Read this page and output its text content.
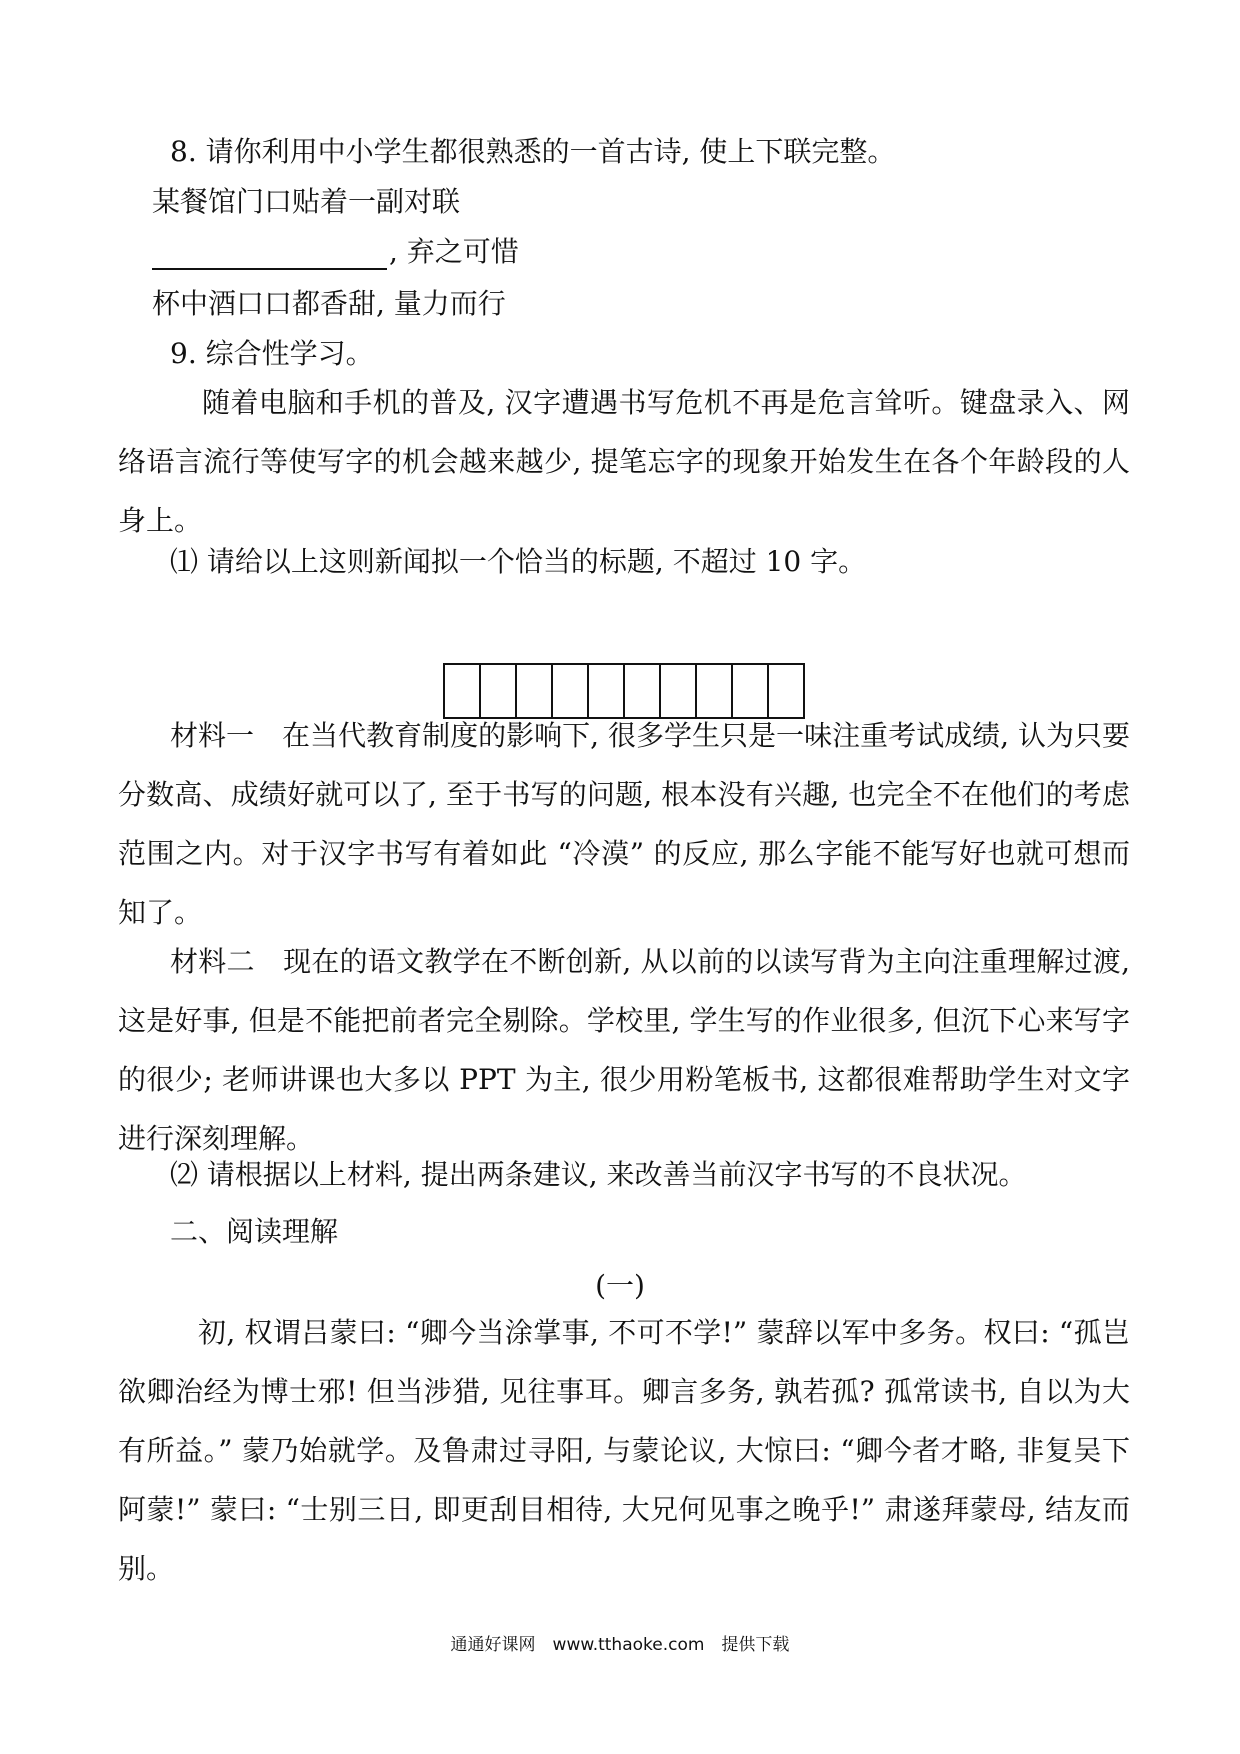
8. 请你利用中小学生都很熟悉的一首古诗, 使上下联完整。
某餐馆门口贴着一副对联
, 弃之可惜
杯中酒口口都香甜, 量力而行
9. 综合性学习。
随着电脑和手机的普及, 汉字遭遇书写危机不再是危言耸听。键盘录入、网络语言流行等使写字的机会越来越少, 提笔忘字的现象开始发生在各个年龄段的人身上。
⑴ 请给以上这则新闻拟一个恰当的标题, 不超过 10 字。
材料一　在当代教育制度的影响下, 很多学生只是一味注重考试成绩, 认为只要分数高、成绩好就可以了, 至于书写的问题, 根本没有兴趣, 也完全不在他们的考虑范围之内。对于汉字书写有着如此 “冷漠” 的反应, 那么字能不能写好也就可想而知了。
材料二　现在的语文教学在不断创新, 从以前的以读写背为主向注重理解过渡, 这是好事, 但是不能把前者完全剔除。学校里, 学生写的作业很多, 但沉下心来写字的很少; 老师讲课也大多以 PPT 为主, 很少用粉笔板书, 这都很难帮助学生对文字进行深刻理解。
⑵ 请根据以上材料, 提出两条建议, 来改善当前汉字书写的不良状况。
二、阅读理解
(一)
初, 权谓吕蒙曰: “卿今当涂掌事, 不可不学!” 蒙辞以军中多务。权曰: “孤岂欲卿治经为博士邪! 但当涉猎, 见往事耳。卿言多务, 孰若孤? 孤常读书, 自以为大有所益。” 蒙乃始就学。及鲁肃过寻阳, 与蒙论议, 大惊曰: “卿今者才略, 非复吴下阿蒙!” 蒙曰: “士别三日, 即更刮目相待, 大兄何见事之晚乎!” 肃遂拜蒙母, 结友而别。
通通好课网　www.tthaoke.com　提供下载
